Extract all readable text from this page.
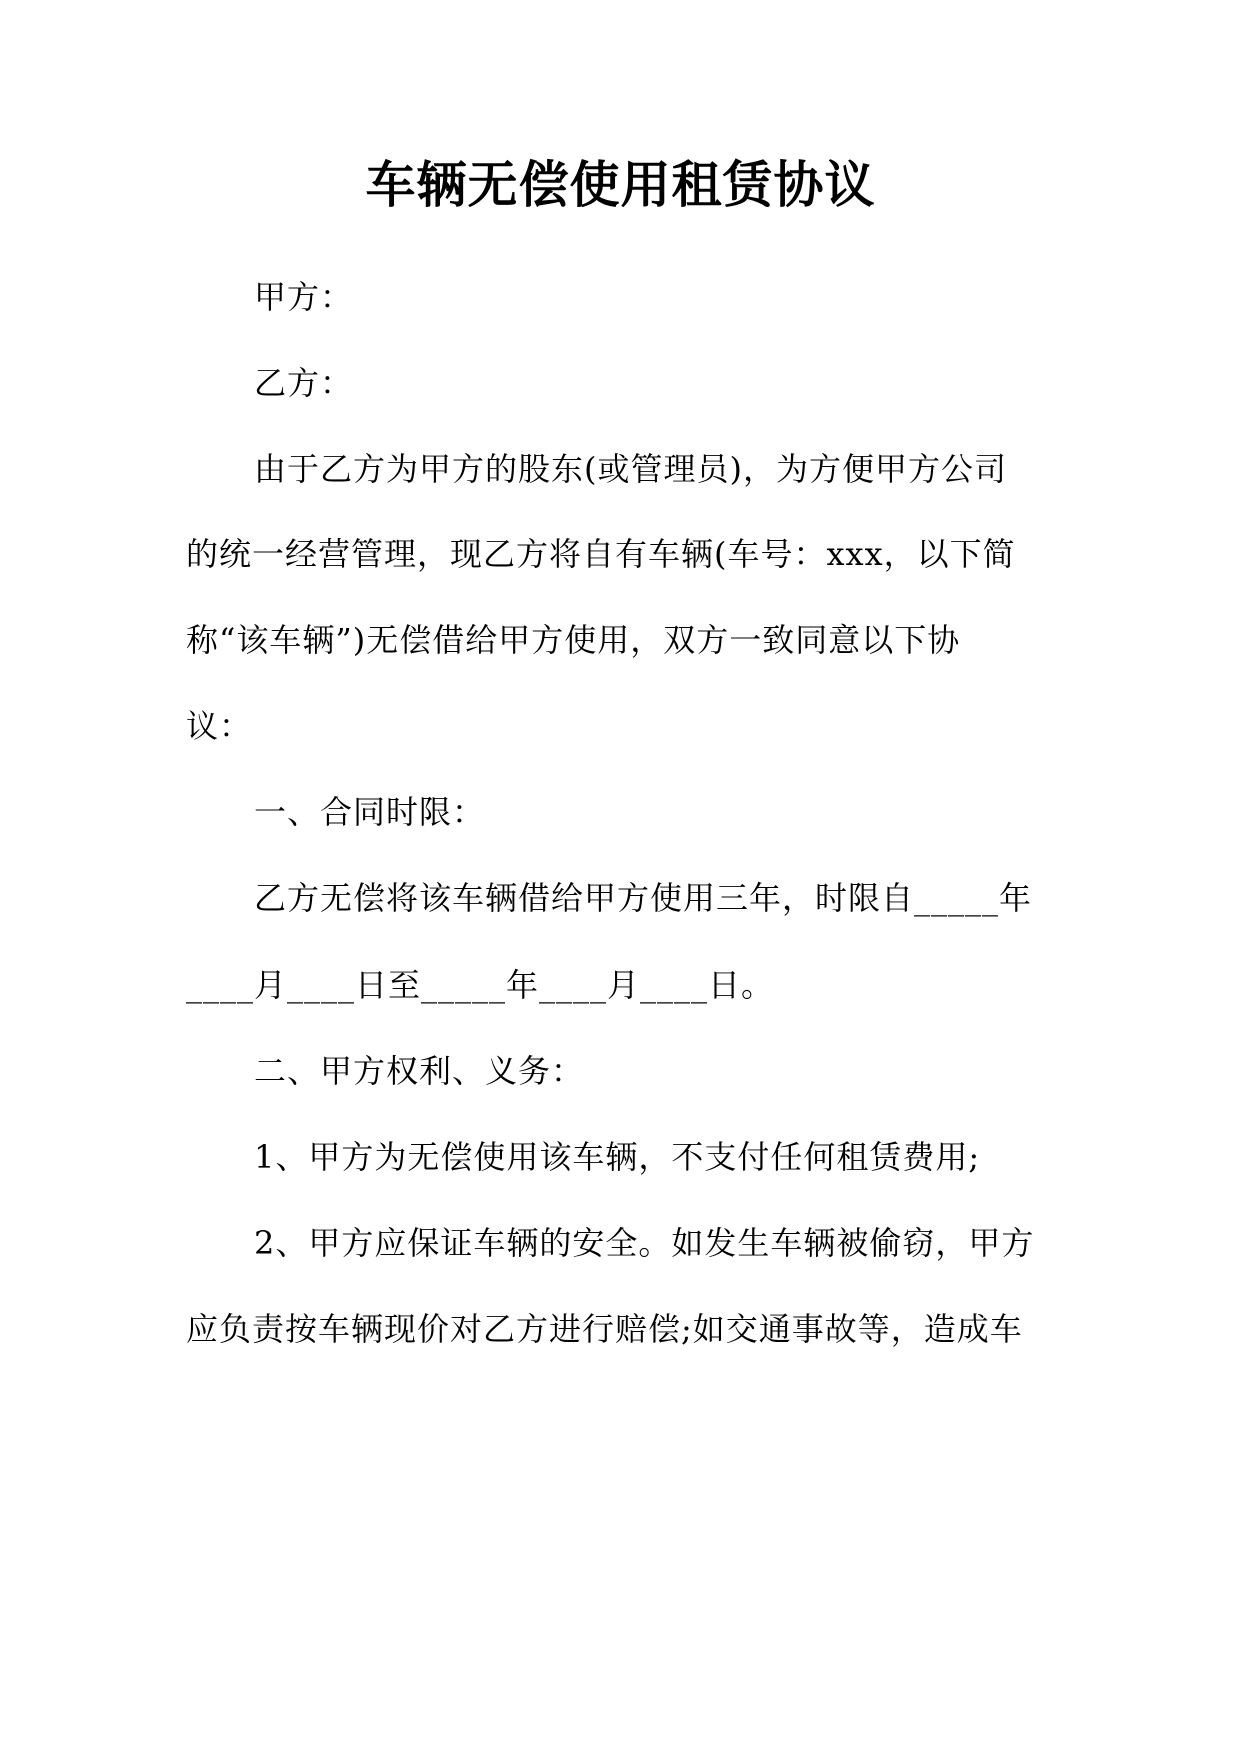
车辆无偿使用租赁协议
甲方：
乙方：
由于乙方为甲方的股东(或管理员)，为方便甲方公司
的统一经营管理，现乙方将自有车辆(车号：xxx，以下简
称“该车辆”)无偿借给甲方使用，双方一致同意以下协
议：
一、合同时限：
乙方无偿将该车辆借给甲方使用三年，时限自_____年
____月____日至_____年____月____日。
二、甲方权利、义务：
1、甲方为无偿使用该车辆，不支付任何租赁费用;
2、甲方应保证车辆的安全。如发生车辆被偷窃，甲方
应负责按车辆现价对乙方进行赔偿;如交通事故等，造成车
